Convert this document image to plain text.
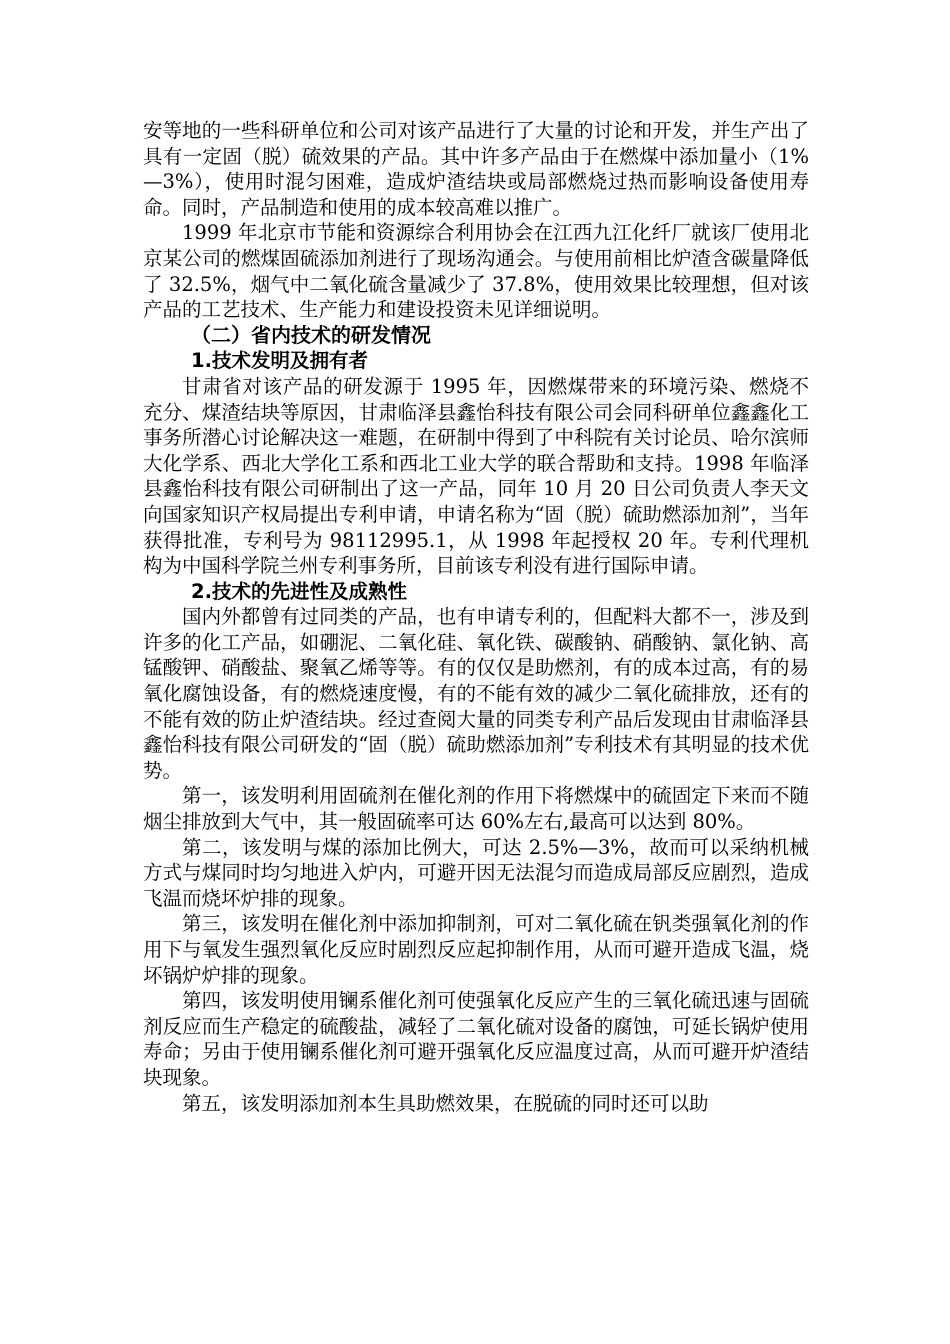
安等地的一些科研单位和公司对该产品进行了大量的讨论和开发，并生产出了具有一定固（脱）硫效果的产品。其中许多产品由于在燃煤中添加量小（1%—3%），使用时混匀困难，造成炉渣结块或局部燃烧过热而影响设备使用寿命。同时，产品制造和使用的成本较高难以推广。

1999 年北京市节能和资源综合利用协会在江西九江化纤厂就该厂使用北京某公司的燃煤固硫添加剂进行了现场沟通会。与使用前相比炉渣含碳量降低了 32.5%，烟气中二氧化硫含量减少了 37.8%，使用效果比较理想，但对该产品的工艺技术、生产能力和建设投资未见详细说明。

（二）省内技术的研发情况

1.技术发明及拥有者

甘肃省对该产品的研发源于 1995 年，因燃煤带来的环境污染、燃烧不充分、煤渣结块等原因，甘肃临泽县鑫怡科技有限公司会同科研单位鑫鑫化工事务所潜心讨论解决这一难题，在研制中得到了中科院有关讨论员、哈尔滨师大化学系、西北大学化工系和西北工业大学的联合帮助和支持。1998 年临泽县鑫怡科技有限公司研制出了这一产品，同年 10 月 20 日公司负责人李天文向国家知识产权局提出专利申请，申请名称为“固（脱）硫助燃添加剂”，当年获得批准，专利号为 98112995.1，从 1998 年起授权 20 年。专利代理机构为中国科学院兰州专利事务所，目前该专利没有进行国际申请。

2.技术的先进性及成熟性

国内外都曾有过同类的产品，也有申请专利的，但配料大都不一，涉及到许多的化工产品，如硼泥、二氧化硅、氧化铁、碳酸钠、硝酸钠、氯化钠、高锰酸钾、硝酸盐、聚氧乙烯等等。有的仅仅是助燃剂，有的成本过高，有的易氧化腐蚀设备，有的燃烧速度慢，有的不能有效的减少二氧化硫排放，还有的不能有效的防止炉渣结块。经过查阅大量的同类专利产品后发现由甘肃临泽县鑫怡科技有限公司研发的“固（脱）硫助燃添加剂”专利技术有其明显的技术优势。

第一，该发明利用固硫剂在催化剂的作用下将燃煤中的硫固定下来而不随烟尘排放到大气中，其一般固硫率可达 60%左右,最高可以达到 80%。

第二，该发明与煤的添加比例大，可达 2.5%—3%，故而可以采纳机械方式与煤同时均匀地进入炉内，可避开因无法混匀而造成局部反应剧烈，造成飞温而烧坏炉排的现象。

第三，该发明在催化剂中添加抑制剂，可对二氧化硫在钒类强氧化剂的作用下与氧发生强烈氧化反应时剧烈反应起抑制作用，从而可避开造成飞温，烧坏锅炉炉排的现象。

第四，该发明使用镧系催化剂可使强氧化反应产生的三氧化硫迅速与固硫剂反应而生产稳定的硫酸盐，减轻了二氧化硫对设备的腐蚀，可延长锅炉使用寿命；另由于使用镧系催化剂可避开强氧化反应温度过高，从而可避开炉渣结块现象。

第五，该发明添加剂本生具助燃效果，在脱硫的同时还可以助
